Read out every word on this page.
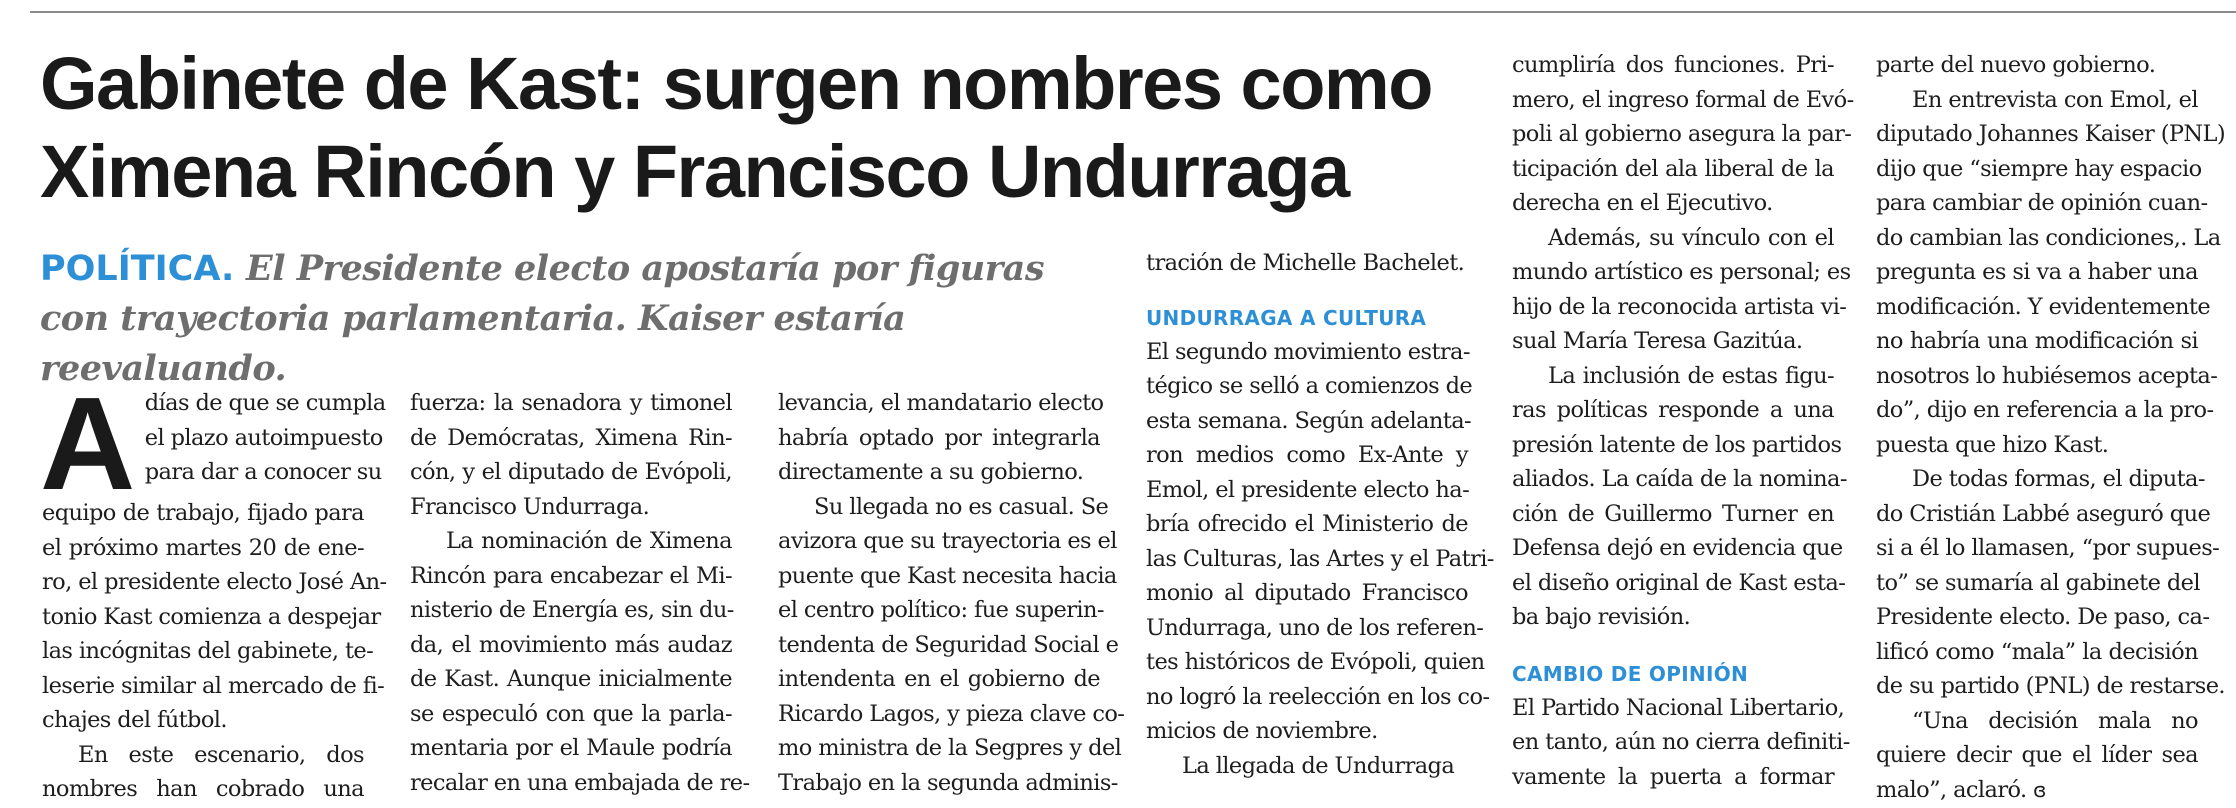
Gabinete de Kast: surgen nombres como Ximena Rincón y Francisco Undurraga
POLÍTICA. El Presidente electo apostaría por figuras con trayectoria parlamentaria. Kaiser estaría reevaluando.
A días de que se cumpla
el plazo autoimpuesto
para dar a conocer su
equipo de trabajo, fijado para
el próximo martes 20 de ene-
ro, el presidente electo José An-
tonio Kast comienza a despejar
las incógnitas del gabinete, te-
leserie similar al mercado de fi-
chajes del fútbol.
En este escenario, dos
nombres han cobrado una
fuerza: la senadora y timonel
de Demócratas, Ximena Rin-
cón, y el diputado de Evópoli,
Francisco Undurraga.
La nominación de Ximena
Rincón para encabezar el Mi-
nisterio de Energía es, sin du-
da, el movimiento más audaz
de Kast. Aunque inicialmente
se especuló con que la parla-
mentaria por el Maule podría
recalar en una embajada de re-
levancia, el mandatario electo
habría optado por integrarla
directamente a su gobierno.
Su llegada no es casual. Se
avizora que su trayectoria es el
puente que Kast necesita hacia
el centro político: fue superin-
tendenta de Seguridad Social e
intendenta en el gobierno de
Ricardo Lagos, y pieza clave co-
mo ministra de la Segpres y del
Trabajo en la segunda adminis-
tración de Michelle Bachelet.
UNDURRAGA A CULTURA
El segundo movimiento estra-
tégico se selló a comienzos de
esta semana. Según adelanta-
ron medios como Ex-Ante y
Emol, el presidente electo ha-
bría ofrecido el Ministerio de
las Culturas, las Artes y el Patri-
monio al diputado Francisco
Undurraga, uno de los referen-
tes históricos de Evópoli, quien
no logró la reelección en los co-
micios de noviembre.
La llegada de Undurraga
cumpliría dos funciones. Pri-
mero, el ingreso formal de Evó-
poli al gobierno asegura la par-
ticipación del ala liberal de la
derecha en el Ejecutivo.
Además, su vínculo con el
mundo artístico es personal; es
hijo de la reconocida artista vi-
sual María Teresa Gazitúa.
La inclusión de estas figu-
ras políticas responde a una
presión latente de los partidos
aliados. La caída de la nomina-
ción de Guillermo Turner en
Defensa dejó en evidencia que
el diseño original de Kast esta-
ba bajo revisión.
CAMBIO DE OPINIÓN
El Partido Nacional Libertario,
en tanto, aún no cierra definiti-
vamente la puerta a formar
parte del nuevo gobierno.
En entrevista con Emol, el
diputado Johannes Kaiser (PNL)
dijo que “siempre hay espacio
para cambiar de opinión cuan-
do cambian las condiciones,. La
pregunta es si va a haber una
modificación. Y evidentemente
no habría una modificación si
nosotros lo hubiésemos acepta-
do”, dijo en referencia a la pro-
puesta que hizo Kast.
De todas formas, el diputa-
do Cristián Labbé aseguró que
si a él lo llamasen, “por supues-
to” se sumaría al gabinete del
Presidente electo. De paso, ca-
lificó como “mala” la decisión
de su partido (PNL) de restarse.
“Una decisión mala no
quiere decir que el líder sea
malo”, aclaró. ɞ
